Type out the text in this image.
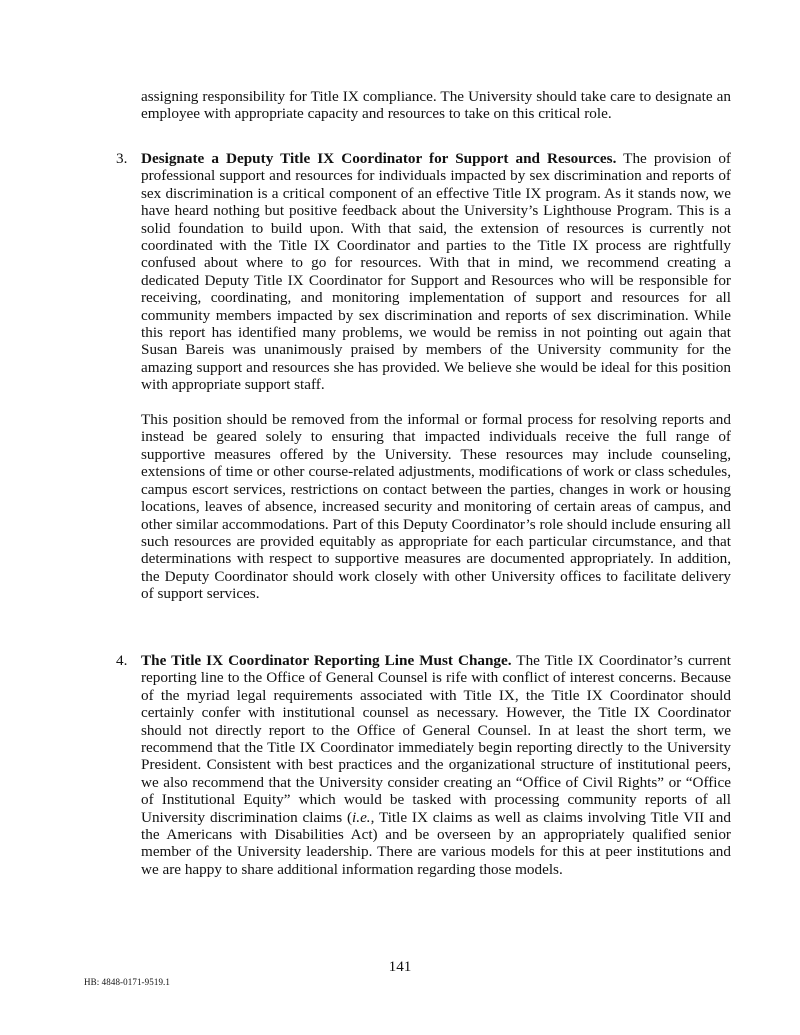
assigning responsibility for Title IX compliance. The University should take care to designate an employee with appropriate capacity and resources to take on this critical role.

3. Designate a Deputy Title IX Coordinator for Support and Resources. The provision of professional support and resources for individuals impacted by sex discrimination and reports of sex discrimination is a critical component of an effective Title IX program. As it stands now, we have heard nothing but positive feedback about the University’s Lighthouse Program. This is a solid foundation to build upon. With that said, the extension of resources is currently not coordinated with the Title IX Coordinator and parties to the Title IX process are rightfully confused about where to go for resources. With that in mind, we recommend creating a dedicated Deputy Title IX Coordinator for Support and Resources who will be responsible for receiving, coordinating, and monitoring implementation of support and resources for all community members impacted by sex discrimination and reports of sex discrimination. While this report has identified many problems, we would be remiss in not pointing out again that Susan Bareis was unanimously praised by members of the University community for the amazing support and resources she has provided. We believe she would be ideal for this position with appropriate support staff.

This position should be removed from the informal or formal process for resolving reports and instead be geared solely to ensuring that impacted individuals receive the full range of supportive measures offered by the University. These resources may include counseling, extensions of time or other course-related adjustments, modifications of work or class schedules, campus escort services, restrictions on contact between the parties, changes in work or housing locations, leaves of absence, increased security and monitoring of certain areas of campus, and other similar accommodations. Part of this Deputy Coordinator’s role should include ensuring all such resources are provided equitably as appropriate for each particular circumstance, and that determinations with respect to supportive measures are documented appropriately. In addition, the Deputy Coordinator should work closely with other University offices to facilitate delivery of support services.

4. The Title IX Coordinator Reporting Line Must Change. The Title IX Coordinator’s current reporting line to the Office of General Counsel is rife with conflict of interest concerns. Because of the myriad legal requirements associated with Title IX, the Title IX Coordinator should certainly confer with institutional counsel as necessary. However, the Title IX Coordinator should not directly report to the Office of General Counsel. In at least the short term, we recommend that the Title IX Coordinator immediately begin reporting directly to the University President. Consistent with best practices and the organizational structure of institutional peers, we also recommend that the University consider creating an “Office of Civil Rights” or “Office of Institutional Equity” which would be tasked with processing community reports of all University discrimination claims (i.e., Title IX claims as well as claims involving Title VII and the Americans with Disabilities Act) and be overseen by an appropriately qualified senior member of the University leadership. There are various models for this at peer institutions and we are happy to share additional information regarding those models.

141
HB: 4848-0171-9519.1
